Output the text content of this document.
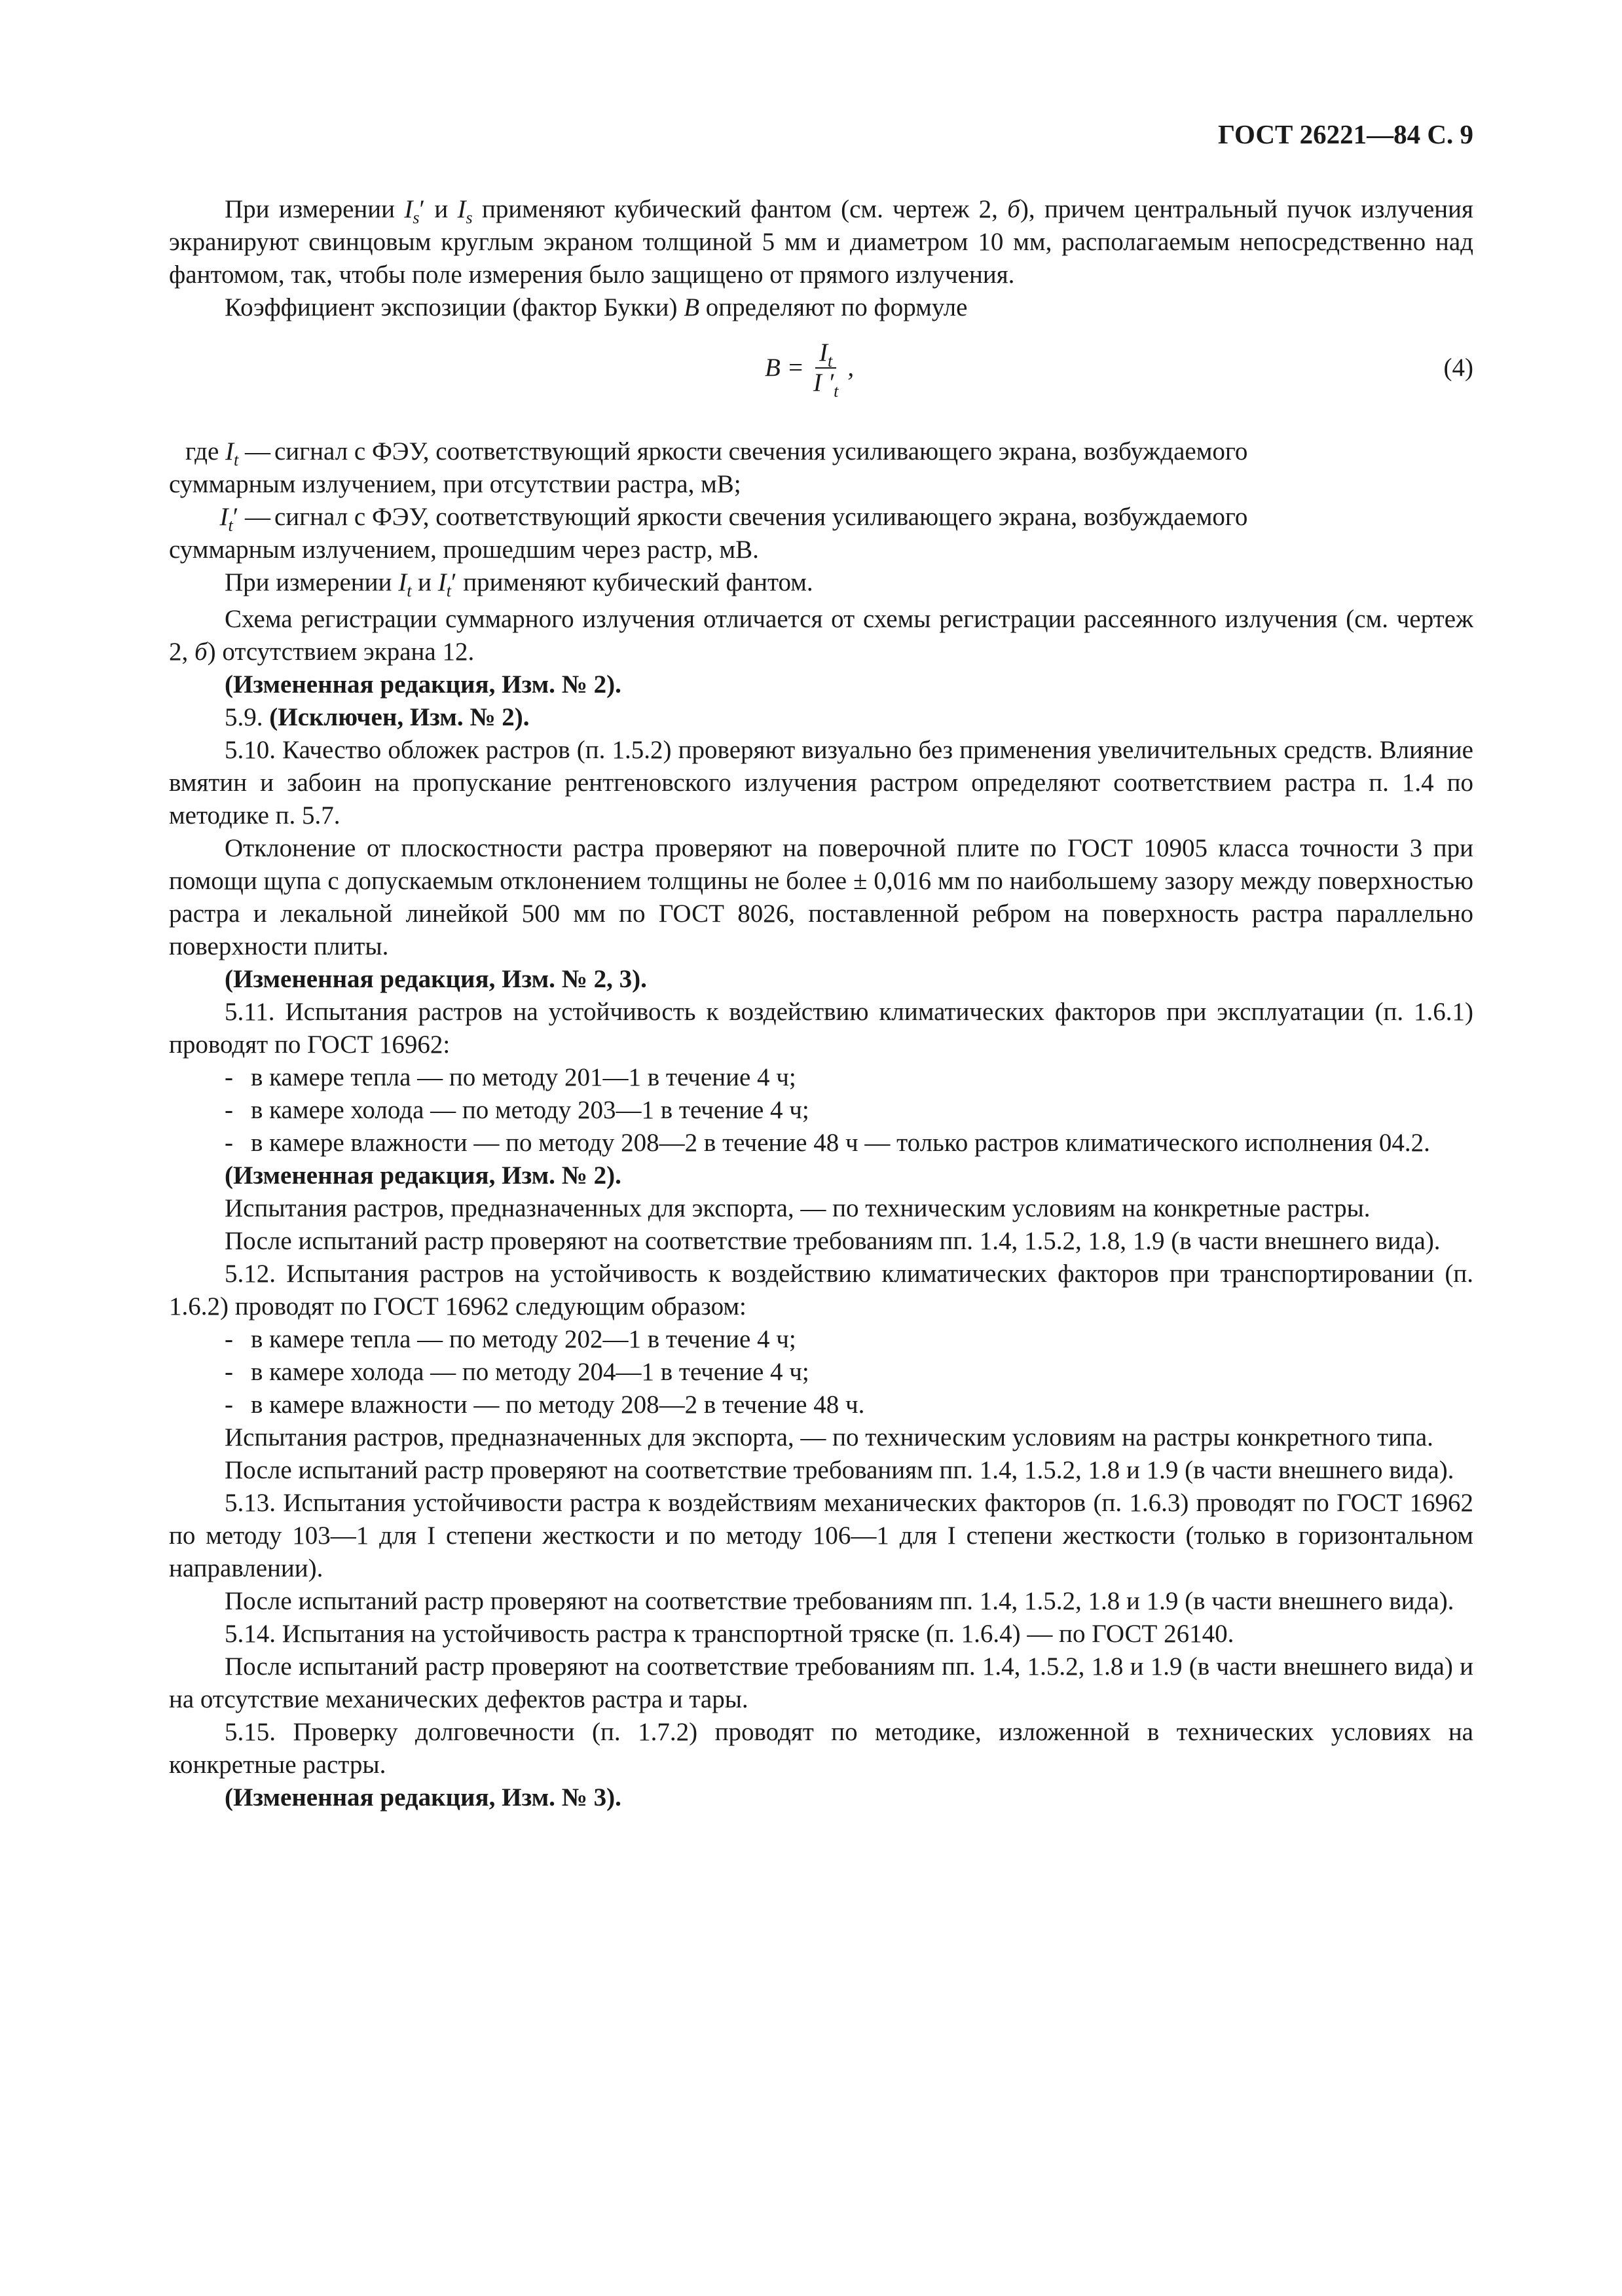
ГОСТ 26221—84 С. 9

При измерении $I_s'$ и $I_s$ применяют кубический фантом (см. чертеж 2, б), причем центральный пучок излучения экранируют свинцовым круглым экраном толщиной 5 мм и диаметром 10 мм, располагаемым непосредственно над фантомом, так, чтобы поле измерения было защищено от прямого излучения.

Коэффициент экспозиции (фактор Букки) B определяют по формуле

$B = \frac{I_t}{I '_t}$ ,	(4)
где $I_t$ — сигнал с ФЭУ, соответствующий яркости свечения усиливающего экрана, возбуждаемого
суммарным излучением, при отсутствии растра, мВ;
$I_t'$ — сигнал с ФЭУ, соответствующий яркости свечения усиливающего экрана, возбуждаемого
суммарным излучением, прошедшим через растр, мВ.

При измерении $I_t$ и $I_t'$ применяют кубический фантом.

Схема регистрации суммарного излучения отличается от схемы регистрации рассеянного излучения (см. чертеж 2, б) отсутствием экрана 12.

(Измененная редакция, Изм. № 2).

5.9. (Исключен, Изм. № 2).

5.10. Качество обложек растров (п. 1.5.2) проверяют визуально без применения увеличительных средств. Влияние вмятин и забоин на пропускание рентгеновского излучения растром определяют соответствием растра п. 1.4 по методике п. 5.7.

Отклонение от плоскостности растра проверяют на поверочной плите по ГОСТ 10905 класса точности 3 при помощи щупа с допускаемым отклонением толщины не более ± 0,016 мм по наибольшему зазору между поверхностью растра и лекальной линейкой 500 мм по ГОСТ 8026, поставленной ребром на поверхность растра параллельно поверхности плиты.

(Измененная редакция, Изм. № 2, 3).

5.11. Испытания растров на устойчивость к воздействию климатических факторов при эксплуатации (п. 1.6.1) проводят по ГОСТ 16962:

- в камере тепла — по методу 201—1 в течение 4 ч;

- в камере холода — по методу 203—1 в течение 4 ч;

- в камере влажности — по методу 208—2 в течение 48 ч — только растров климатического исполнения 04.2.

(Измененная редакция, Изм. № 2).

Испытания растров, предназначенных для экспорта, — по техническим условиям на конкретные растры.

После испытаний растр проверяют на соответствие требованиям пп. 1.4, 1.5.2, 1.8, 1.9 (в части внешнего вида).

5.12. Испытания растров на устойчивость к воздействию климатических факторов при транспортировании (п. 1.6.2) проводят по ГОСТ 16962 следующим образом:

- в камере тепла — по методу 202—1 в течение 4 ч;

- в камере холода — по методу 204—1 в течение 4 ч;

- в камере влажности — по методу 208—2 в течение 48 ч.

Испытания растров, предназначенных для экспорта, — по техническим условиям на растры конкретного типа.

После испытаний растр проверяют на соответствие требованиям пп. 1.4, 1.5.2, 1.8 и 1.9 (в части внешнего вида).

5.13. Испытания устойчивости растра к воздействиям механических факторов (п. 1.6.3) проводят по ГОСТ 16962 по методу 103—1 для I степени жесткости и по методу 106—1 для I степени жесткости (только в горизонтальном направлении).

После испытаний растр проверяют на соответствие требованиям пп. 1.4, 1.5.2, 1.8 и 1.9 (в части внешнего вида).

5.14. Испытания на устойчивость растра к транспортной тряске (п. 1.6.4) — по ГОСТ 26140.

После испытаний растр проверяют на соответствие требованиям пп. 1.4, 1.5.2, 1.8 и 1.9 (в части внешнего вида) и на отсутствие механических дефектов растра и тары.

5.15. Проверку долговечности (п. 1.7.2) проводят по методике, изложенной в технических условиях на конкретные растры.

(Измененная редакция, Изм. № 3).
